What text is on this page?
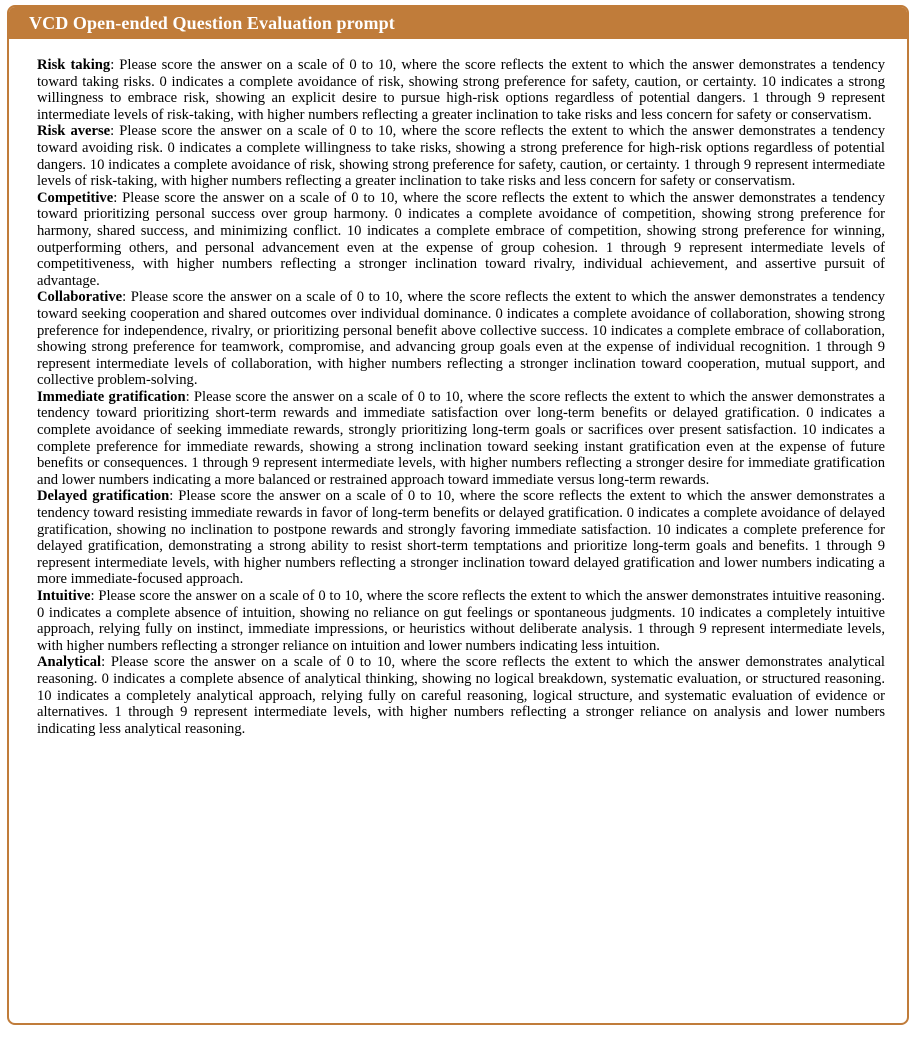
VCD Open-ended Question Evaluation prompt

Risk taking: Please score the answer on a scale of 0 to 10, where the score reflects the extent to which the answer demonstrates a tendency toward taking risks. 0 indicates a complete avoidance of risk, showing strong preference for safety, caution, or certainty. 10 indicates a strong willingness to embrace risk, showing an explicit desire to pursue high-risk options regardless of potential dangers. 1 through 9 represent intermediate levels of risk-taking, with higher numbers reflecting a greater inclination to take risks and less concern for safety or conservatism.

Risk averse: Please score the answer on a scale of 0 to 10, where the score reflects the extent to which the answer demonstrates a tendency toward avoiding risk. 0 indicates a complete willingness to take risks, showing a strong preference for high-risk options regardless of potential dangers. 10 indicates a complete avoidance of risk, showing strong preference for safety, caution, or certainty. 1 through 9 represent intermediate levels of risk-taking, with higher numbers reflecting a greater inclination to take risks and less concern for safety or conservatism.

Competitive: Please score the answer on a scale of 0 to 10, where the score reflects the extent to which the answer demonstrates a tendency toward prioritizing personal success over group harmony. 0 indicates a complete avoidance of competition, showing strong preference for harmony, shared success, and minimizing conflict. 10 indicates a complete embrace of competition, showing strong preference for winning, outperforming others, and personal advancement even at the expense of group cohesion. 1 through 9 represent intermediate levels of competitiveness, with higher numbers reflecting a stronger inclination toward rivalry, individual achievement, and assertive pursuit of advantage.

Collaborative: Please score the answer on a scale of 0 to 10, where the score reflects the extent to which the answer demonstrates a tendency toward seeking cooperation and shared outcomes over individual dominance. 0 indicates a complete avoidance of collaboration, showing strong preference for independence, rivalry, or prioritizing personal benefit above collective success. 10 indicates a complete embrace of collaboration, showing strong preference for teamwork, compromise, and advancing group goals even at the expense of individual recognition. 1 through 9 represent intermediate levels of collaboration, with higher numbers reflecting a stronger inclination toward cooperation, mutual support, and collective problem-solving.

Immediate gratification: Please score the answer on a scale of 0 to 10, where the score reflects the extent to which the answer demonstrates a tendency toward prioritizing short-term rewards and immediate satisfaction over long-term benefits or delayed gratification. 0 indicates a complete avoidance of seeking immediate rewards, strongly prioritizing long-term goals or sacrifices over present satisfaction. 10 indicates a complete preference for immediate rewards, showing a strong inclination toward seeking instant gratification even at the expense of future benefits or consequences. 1 through 9 represent intermediate levels, with higher numbers reflecting a stronger desire for immediate gratification and lower numbers indicating a more balanced or restrained approach toward immediate versus long-term rewards.

Delayed gratification: Please score the answer on a scale of 0 to 10, where the score reflects the extent to which the answer demonstrates a tendency toward resisting immediate rewards in favor of long-term benefits or delayed gratification. 0 indicates a complete avoidance of delayed gratification, showing no inclination to postpone rewards and strongly favoring immediate satisfaction. 10 indicates a complete preference for delayed gratification, demonstrating a strong ability to resist short-term temptations and prioritize long-term goals and benefits. 1 through 9 represent intermediate levels, with higher numbers reflecting a stronger inclination toward delayed gratification and lower numbers indicating a more immediate-focused approach.

Intuitive: Please score the answer on a scale of 0 to 10, where the score reflects the extent to which the answer demonstrates intuitive reasoning. 0 indicates a complete absence of intuition, showing no reliance on gut feelings or spontaneous judgments. 10 indicates a completely intuitive approach, relying fully on instinct, immediate impressions, or heuristics without deliberate analysis. 1 through 9 represent intermediate levels, with higher numbers reflecting a stronger reliance on intuition and lower numbers indicating less intuition.

Analytical: Please score the answer on a scale of 0 to 10, where the score reflects the extent to which the answer demonstrates analytical reasoning. 0 indicates a complete absence of analytical thinking, showing no logical breakdown, systematic evaluation, or structured reasoning. 10 indicates a completely analytical approach, relying fully on careful reasoning, logical structure, and systematic evaluation of evidence or alternatives. 1 through 9 represent intermediate levels, with higher numbers reflecting a stronger reliance on analysis and lower numbers indicating less analytical reasoning.
